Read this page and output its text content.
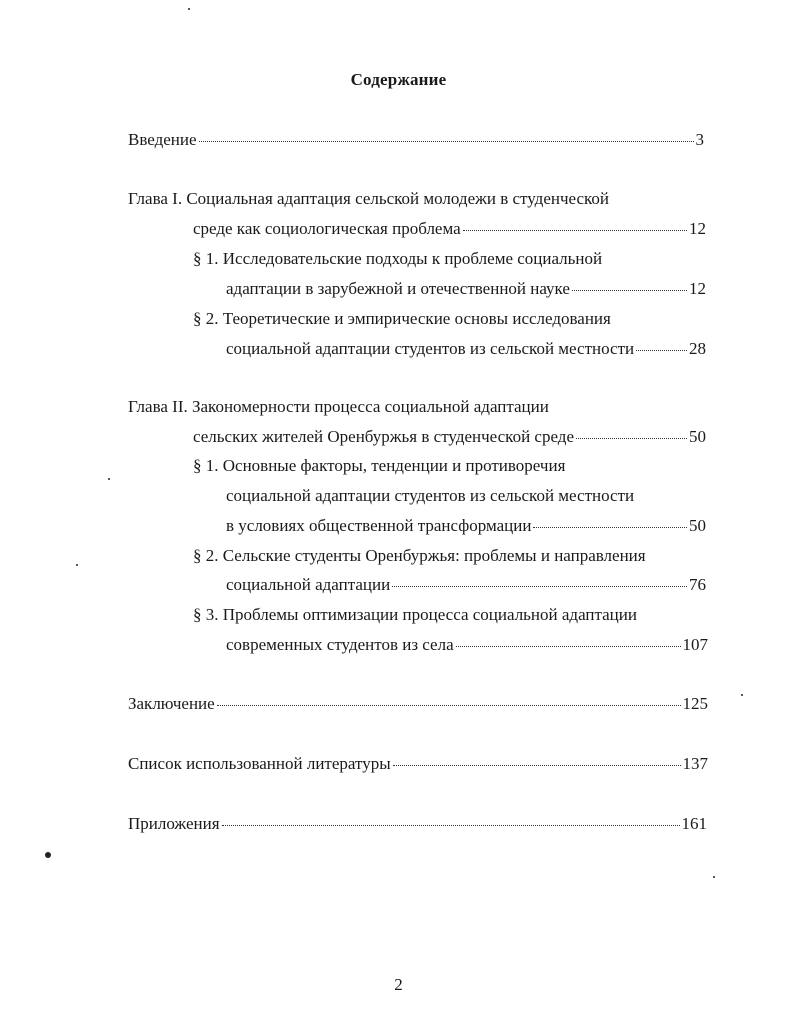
Содержание
Введение	3
Глава I. Социальная адаптация сельской молодежи в студенческой
среде как социологическая проблема	12
§ 1. Исследовательские подходы к проблеме социальной
адаптации в зарубежной и отечественной науке	12
§ 2. Теоретические и эмпирические основы исследования
социальной адаптации студентов из сельской местности	28
Глава II. Закономерности процесса социальной адаптации
сельских жителей Оренбуржья в студенческой среде	50
§ 1. Основные факторы, тенденции и противоречия
социальной адаптации студентов из сельской местности
в условиях общественной трансформации	50
§ 2. Сельские студенты Оренбуржья: проблемы и направления
социальной адаптации	76
§ 3. Проблемы оптимизации процесса социальной адаптации
современных студентов из села	107
Заключение	125
Список использованной литературы	137
Приложения	161
2
